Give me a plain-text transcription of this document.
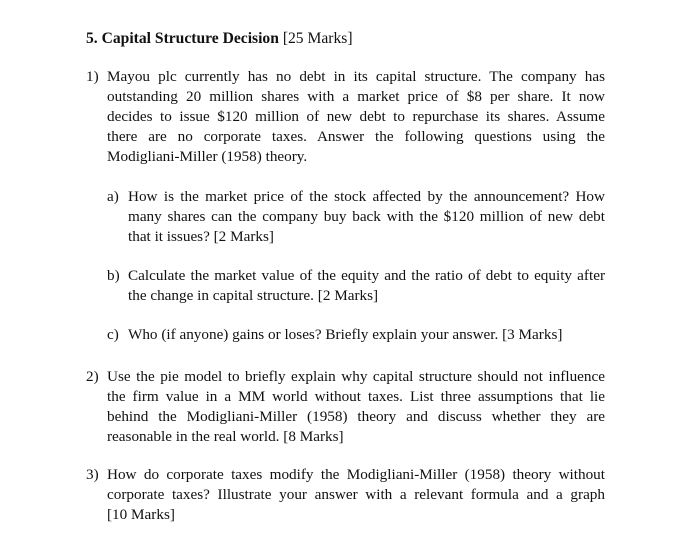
5. Capital Structure Decision [25 Marks]
1) Mayou plc currently has no debt in its capital structure. The company has
outstanding 20 million shares with a market price of $8 per share. It now
decides to issue $120 million of new debt to repurchase its shares. Assume
there are no corporate taxes. Answer the following questions using the
Modigliani-Miller (1958) theory.
a) How is the market price of the stock affected by the announcement? How
many shares can the company buy back with the $120 million of new debt
that it issues? [2 Marks]
b) Calculate the market value of the equity and the ratio of debt to equity after
the change in capital structure. [2 Marks]
c) Who (if anyone) gains or loses? Briefly explain your answer. [3 Marks]
2) Use the pie model to briefly explain why capital structure should not influence
the firm value in a MM world without taxes. List three assumptions that lie
behind the Modigliani-Miller (1958) theory and discuss whether they are
reasonable in the real world. [8 Marks]
3) How do corporate taxes modify the Modigliani-Miller (1958) theory without
corporate taxes? Illustrate your answer with a relevant formula and a graph
[10 Marks]
